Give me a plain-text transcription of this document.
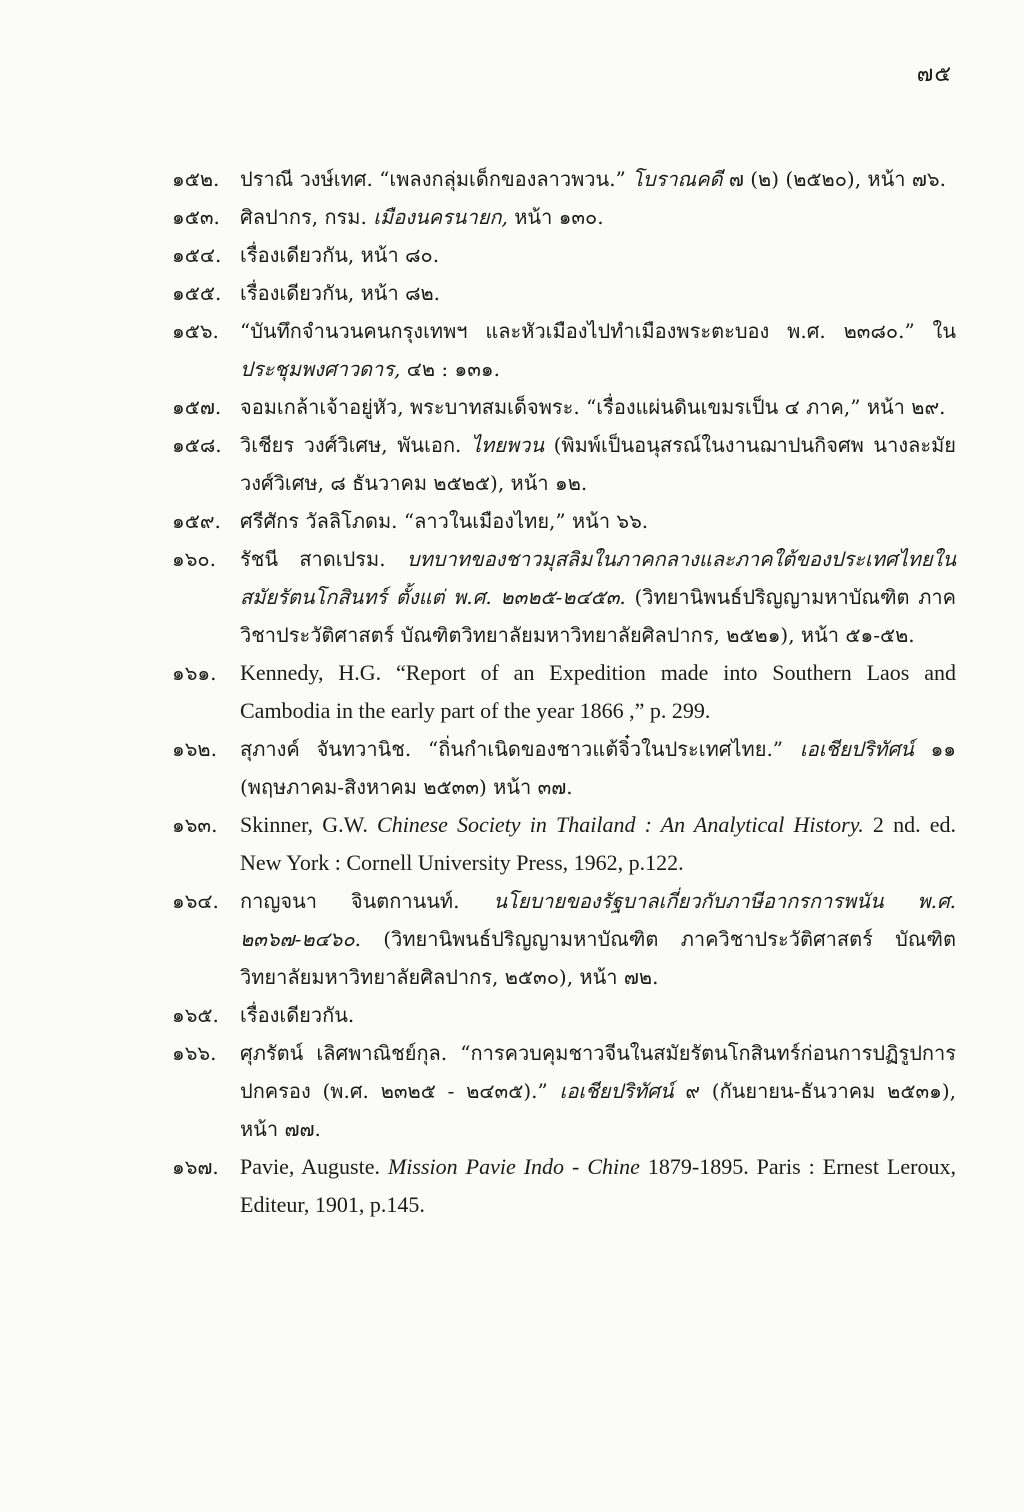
๗๕
๑๕๒.	ปราณี วงษ์เทศ. “เพลงกลุ่มเด็กของลาวพวน.” โบราณคดี ๗ (๒) (๒๕๒๐), หน้า ๗๖.
๑๕๓.	ศิลปากร, กรม. เมืองนครนายก, หน้า ๑๓๐.
๑๕๔. เรื่องเดียวกัน, หน้า ๘๐.
๑๕๕. เรื่องเดียวกัน, หน้า ๘๒.
๑๕๖.	“บันทึกจำนวนคนกรุงเทพฯ และหัวเมืองไปทำเมืองพระตะบอง พ.ศ. ๒๓๘๐.” ใน ประชุมพงศาวดาร, ๔๒ : ๑๓๑.
๑๕๗. จอมเกล้าเจ้าอยู่หัว, พระบาทสมเด็จพระ. “เรื่องแผ่นดินเขมรเป็น ๔ ภาค,” หน้า ๒๙.
๑๕๘. วิเชียร วงศ์วิเศษ, พันเอก. ไทยพวน (พิมพ์เป็นอนุสรณ์ในงานฌาปนกิจศพ นางละมัย วงศ์วิเศษ, ๘ ธันวาคม ๒๕๒๕), หน้า ๑๒.
๑๕๙. ศรีศักร วัลลิโภดม. “ลาวในเมืองไทย,” หน้า ๖๖.
๑๖๐.	รัชนี สาดเปรม. บทบาทของชาวมุสลิมในภาคกลางและภาคใต้ของประเทศไทยในสมัยรัตนโกสินทร์ ตั้งแต่ พ.ศ. ๒๓๒๕-๒๔๕๓. (วิทยานิพนธ์ปริญญามหาบัณฑิต ภาควิชาประวัติศาสตร์ บัณฑิตวิทยาลัยมหาวิทยาลัยศิลปากร, ๒๕๒๑), หน้า ๕๑-๕๒.
๑๖๑.	Kennedy, H.G. “Report of an Expedition made into Southern Laos and Cambodia in the early part of the year 1866 ,” p. 299.
๑๖๒.	สุภางค์ จันทวานิช. “ถิ่นกำเนิดของชาวแต้จิ๋วในประเทศไทย.” เอเชียปริทัศน์ ๑๑ (พฤษภาคม-สิงหาคม ๒๕๓๓) หน้า ๓๗.
๑๖๓.	Skinner, G.W. Chinese Society in Thailand : An Analytical History. 2 nd. ed. New York : Cornell University Press, 1962, p.122.
๑๖๔.	กาญจนา จินตกานนท์. นโยบายของรัฐบาลเกี่ยวกับภาษีอากรการพนัน พ.ศ. ๒๓๖๗-๒๔๖๐. (วิทยานิพนธ์ปริญญามหาบัณฑิต ภาควิชาประวัติศาสตร์ บัณฑิตวิทยาลัยมหาวิทยาลัยศิลปากร, ๒๕๓๐), หน้า ๗๒.
๑๖๕.	เรื่องเดียวกัน.
๑๖๖.	ศุภรัตน์ เลิศพาณิชย์กุล. “การควบคุมชาวจีนในสมัยรัตนโกสินทร์ก่อนการปฏิรูปการปกครอง (พ.ศ. ๒๓๒๕ - ๒๔๓๕).” เอเชียปริทัศน์ ๙ (กันยายน-ธันวาคม ๒๕๓๑), หน้า ๗๗.
๑๖๗. Pavie, Auguste. Mission Pavie Indo - Chine 1879-1895. Paris : Ernest Leroux, Editeur, 1901, p.145.
